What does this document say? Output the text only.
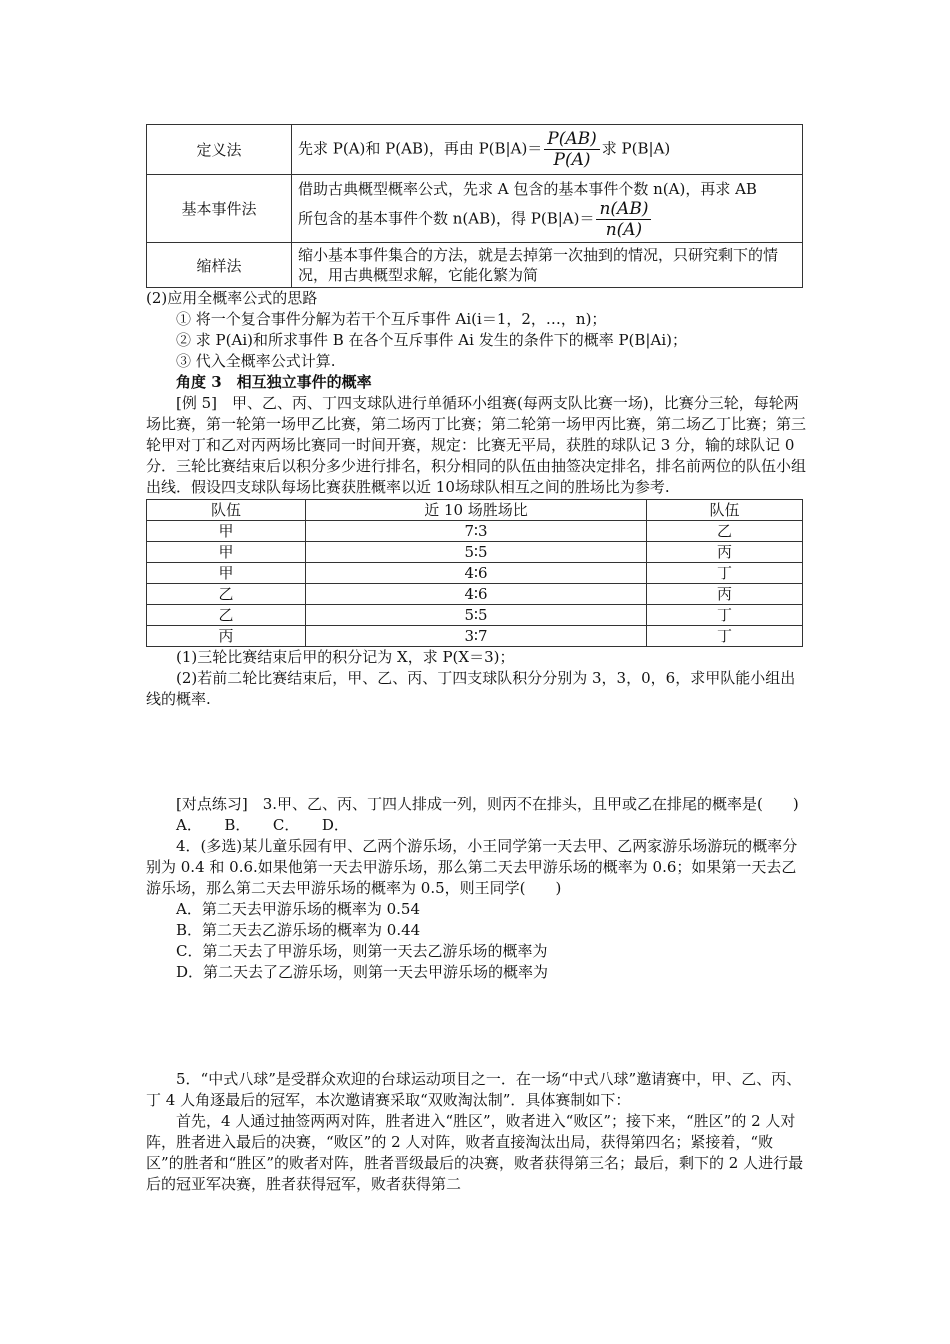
定义法	先求 P(A)和 P(AB)，再由 $P(B|A)= \frac{P(AB)}{P(A)}$ 求 P(B|A)
基本事件法	借助古典概型概率公式，先求 A 包含的基本事件个数 n(A)，再求 AB
所包含的基本事件个数 n(AB)，得 $P(B|A)= \frac{n(AB)}{n(A)}$

缩样法	缩小基本事件集合的方法，就是去掉第一次抽到的情况，只研究剩下的情况，用古典概型求解，它能化繁为简

(2)应用全概率公式的思路

① 将一个复合事件分解为若干个互斥事件 Ai(i＝1，2，…，n)；

② 求 P(Ai)和所求事件 B 在各个互斥事件 Ai 发生的条件下的概率 P(B|Ai)；

③ 代入全概率公式计算.

角度 3　相互独立事件的概率

[例 5]　甲、乙、丙、丁四支球队进行单循环小组赛(每两支队比赛一场)，比赛分三轮，每轮两场比赛，第一轮第一场甲乙比赛，第二场丙丁比赛；第二轮第一场甲丙比赛，第二场乙丁比赛；第三轮甲对丁和乙对丙两场比赛同一时间开赛，规定：比赛无平局，获胜的球队记 3 分，输的球队记 0 分．三轮比赛结束后以积分多少进行排名，积分相同的队伍由抽签决定排名，排名前两位的队伍小组出线．假设四支球队每场比赛获胜概率以近 10场球队相互之间的胜场比为参考.

队伍	近 10 场胜场比	队伍
甲	7∶3	乙
甲	5∶5	丙
甲	4∶6	丁
乙	4∶6	丙
乙	5∶5	丁
丙	3∶7	丁

(1)三轮比赛结束后甲的积分记为 X，求 P(X＝3)；

(2)若前二轮比赛结束后，甲、乙、丙、丁四支球队积分分别为 3，3，0，6，求甲队能小组出线的概率.

[对点练习]　3.甲、乙、丙、丁四人排成一列，则丙不在排头，且甲或乙在排尾的概率是(　　)

A．　　B．　　C．　　D．

4．(多选)某儿童乐园有甲、乙两个游乐场，小王同学第一天去甲、乙两家游乐场游玩的概率分别为 0.4 和 0.6.如果他第一天去甲游乐场，那么第二天去甲游乐场的概率为 0.6；如果第一天去乙游乐场，那么第二天去甲游乐场的概率为 0.5，则王同学(　　)

A．第二天去甲游乐场的概率为 0.54

B．第二天去乙游乐场的概率为 0.44

C．第二天去了甲游乐场，则第一天去乙游乐场的概率为

D．第二天去了乙游乐场，则第一天去甲游乐场的概率为

5．“中式八球”是受群众欢迎的台球运动项目之一．在一场“中式八球”邀请赛中，甲、乙、丙、丁 4 人角逐最后的冠军，本次邀请赛采取“双败淘汰制”．具体赛制如下：

首先，4 人通过抽签两两对阵，胜者进入“胜区”，败者进入“败区”；接下来，“胜区”的 2 人对阵，胜者进入最后的决赛，“败区”的 2 人对阵，败者直接淘汰出局，获得第四名；紧接着，“败区”的胜者和“胜区”的败者对阵，胜者晋级最后的决赛，败者获得第三名；最后，剩下的 2 人进行最后的冠亚军决赛，胜者获得冠军，败者获得第二
